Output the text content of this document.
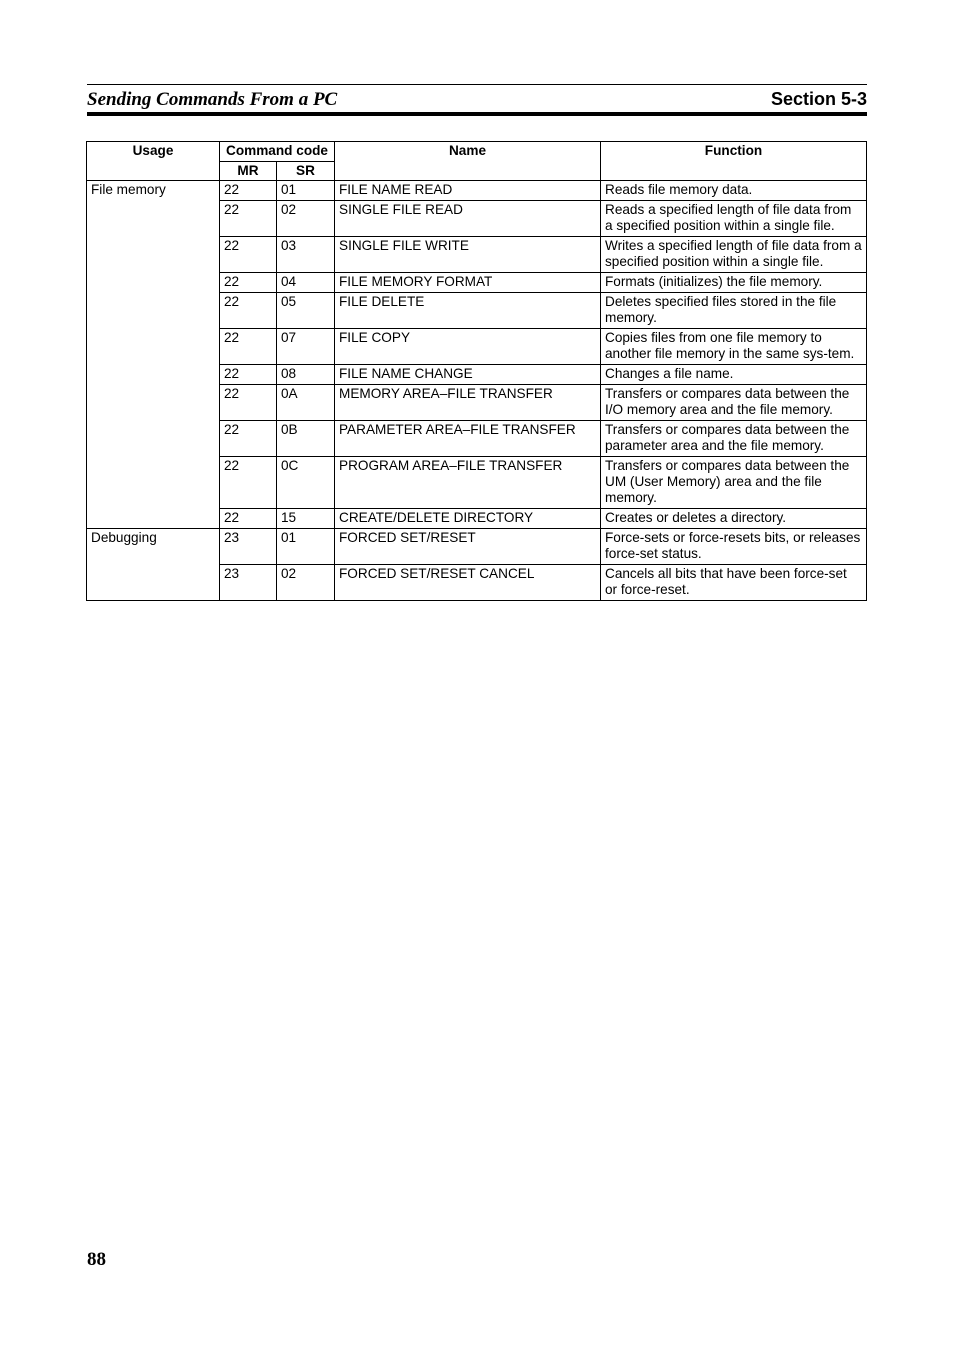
Sending Commands From a PC	Section 5-3
Usage	Command code		Name	Function
	MR	SR		
File memory	22	01	FILE NAME READ	Reads file memory data.
	22	02	SINGLE FILE READ	Reads a specified length of file data from a specified position within a single file.
	22	03	SINGLE FILE WRITE	Writes a specified length of file data from a specified position within a single file.
	22	04	FILE MEMORY FORMAT	Formats (initializes) the file memory.
	22	05	FILE DELETE	Deletes specified files stored in the file memory.
	22	07	FILE COPY	Copies files from one file memory to another file memory in the same sys-tem.
	22	08	FILE NAME CHANGE	Changes a file name.
	22	0A	MEMORY AREA–FILE TRANSFER	Transfers or compares data between the I/O memory area and the file memory.
	22	0B	PARAMETER AREA–FILE TRANSFER	Transfers or compares data between the parameter area and the file memory.
	22	0C	PROGRAM AREA–FILE TRANSFER	Transfers or compares data between the UM (User Memory) area and the file memory.
	22	15	CREATE/DELETE DIRECTORY	Creates or deletes a directory.
Debugging	23	01	FORCED SET/RESET	Force-sets or force-resets bits, or releases force-set status.
	23	02	FORCED SET/RESET CANCEL	Cancels all bits that have been force-set or force-reset.
88
